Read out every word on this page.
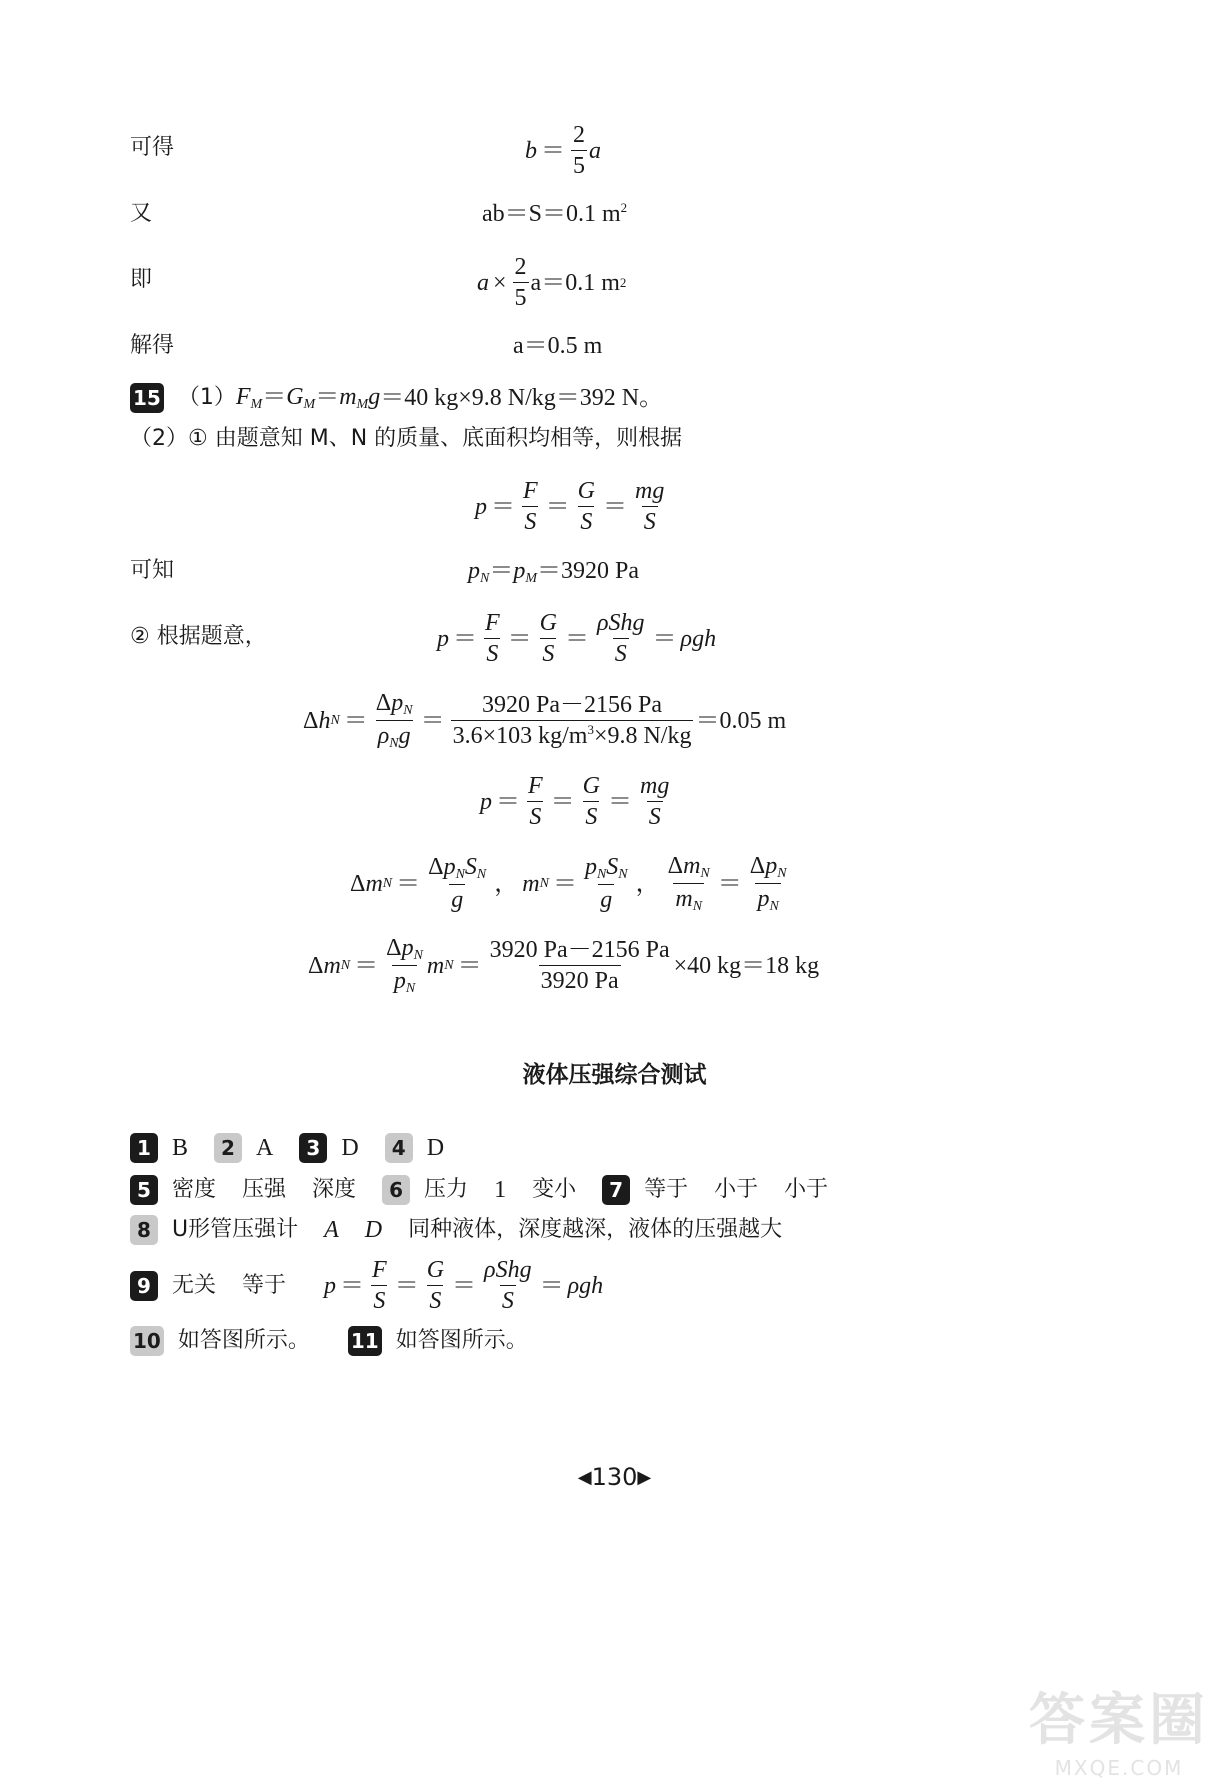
可得	$b = \frac{2}{5}$ a
又	ab＝S＝0.1 $m^2$
即	$a \times \frac{2}{5} a=0.1$ m 2
解得	a＝0.5 m
15 （1） $F_M=G_M=m_Mg =40$ kg×9.8 N/kg＝392 N。
（2）① 由题意知 M、N 的质量、底面积均相等，则根据
$p = \frac{F}{S} = \frac{G}{S} = \frac{mg}{S}$
可知	$p_N=p_M=3920$ Pa
② 根据题意，	$p = \frac{F}{S} = \frac{G}{S} = \frac{\text{ρShg}}{S} = \rho gh$
Δ h $N = \frac{\Delta p_N}{\rho_Ng} = \frac{3920 Pa-2156 Pa}{3.6\times 103 kg/m^3\times 9.8 N/kg} =0.05$ m
$p = \frac{F}{S} = \frac{G}{S} = \frac{mg}{S}$
Δ m $N = \frac{\Delta p_NS_N}{g}$ ， m $N = \frac{p_NS_N}{g}$ ， $\frac{\Delta m_N}{m_N} = \frac{\Delta p_N}{p_N}$
Δ m $N = \frac{\Delta p_N}{p_N}$ m $N = \frac{3920 Pa-2156 Pa}{3920 Pa} \times 40$ kg＝18 kg
液体压强综合测试
1 B	2 A	3 D	4 D
5 密度 压强 深度	6 压力 1 变小	7 等于 小于 小于
8 U形管压强计 A D 同种液体，深度越深，液体的压强越大
9 无关 等于 $p = \frac{F}{S} = \frac{G}{S} = \frac{\text{ρShg}}{S} = \rho gh$
10 如答图所示。 11 如答图所示。
◀130▶
答案圈
MXQE.COM
